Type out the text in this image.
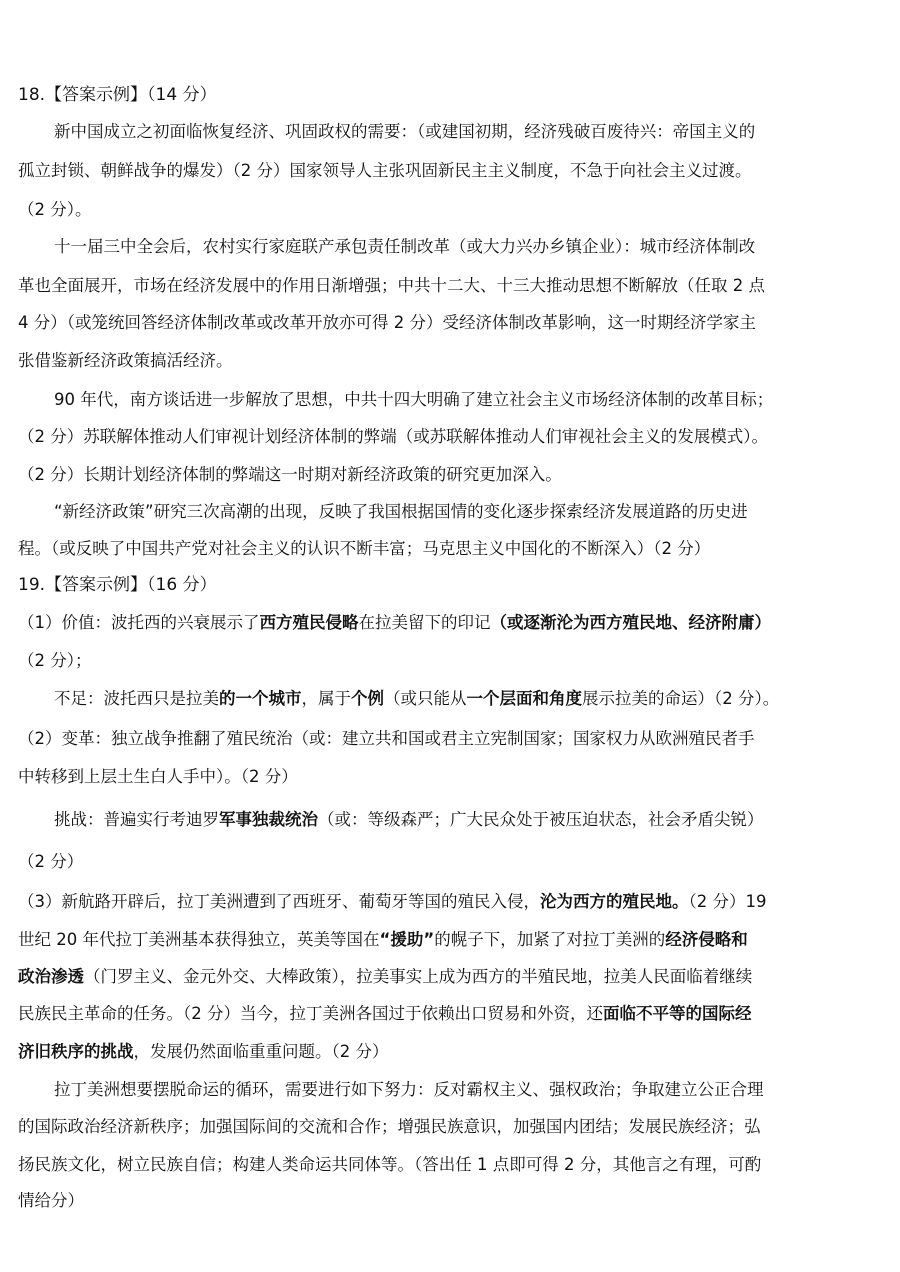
18.【答案示例】（14 分）
新中国成立之初面临恢复经济、巩固政权的需要：（或建国初期，经济残破百废待兴：帝国主义的
孤立封锁、朝鲜战争的爆发）（2 分）国家领导人主张巩固新民主主义制度，不急于向社会主义过渡。
（2 分）。
十一届三中全会后，农村实行家庭联产承包责任制改革（或大力兴办乡镇企业）：城市经济体制改
革也全面展开，市场在经济发展中的作用日渐增强；中共十二大、十三大推动思想不断解放（任取 2 点
4 分）（或笼统回答经济体制改革或改革开放亦可得 2 分）受经济体制改革影响，这一时期经济学家主
张借鉴新经济政策搞活经济。
90 年代，南方谈话进一步解放了思想，中共十四大明确了建立社会主义市场经济体制的改革目标；
（2 分）苏联解体推动人们审视计划经济体制的弊端（或苏联解体推动人们审视社会主义的发展模式）。
（2 分）长期计划经济体制的弊端这一时期对新经济政策的研究更加深入。
“新经济政策”研究三次高潮的出现，反映了我国根据国情的变化逐步探索经济发展道路的历史进
程。（或反映了中国共产党对社会主义的认识不断丰富；马克思主义中国化的不断深入）（2 分）
19.【答案示例】（16 分）
（1）价值：波托西的兴衰展示了西方殖民侵略在拉美留下的印记（或逐渐沦为西方殖民地、经济附庸）
（2 分）；
不足：波托西只是拉美的一个城市，属于个例（或只能从一个层面和角度展示拉美的命运）（2 分）。
（2）变革：独立战争推翻了殖民统治（或：建立共和国或君主立宪制国家；国家权力从欧洲殖民者手
中转移到上层土生白人手中）。（2 分）
挑战：普遍实行考迪罗军事独裁统治（或：等级森严；广大民众处于被压迫状态，社会矛盾尖锐）
（2 分）
（3）新航路开辟后，拉丁美洲遭到了西班牙、葡萄牙等国的殖民入侵，沦为西方的殖民地。（2 分）19
世纪 20 年代拉丁美洲基本获得独立，英美等国在“援助”的幌子下，加紧了对拉丁美洲的经济侵略和
政治渗透（门罗主义、金元外交、大棒政策），拉美事实上成为西方的半殖民地，拉美人民面临着继续
民族民主革命的任务。（2 分）当今，拉丁美洲各国过于依赖出口贸易和外资，还面临不平等的国际经
济旧秩序的挑战，发展仍然面临重重问题。（2 分）
拉丁美洲想要摆脱命运的循环，需要进行如下努力：反对霸权主义、强权政治；争取建立公正合理
的国际政治经济新秩序；加强国际间的交流和合作；增强民族意识，加强国内团结；发展民族经济；弘
扬民族文化，树立民族自信；构建人类命运共同体等。（答出任 1 点即可得 2 分，其他言之有理，可酌
情给分）
